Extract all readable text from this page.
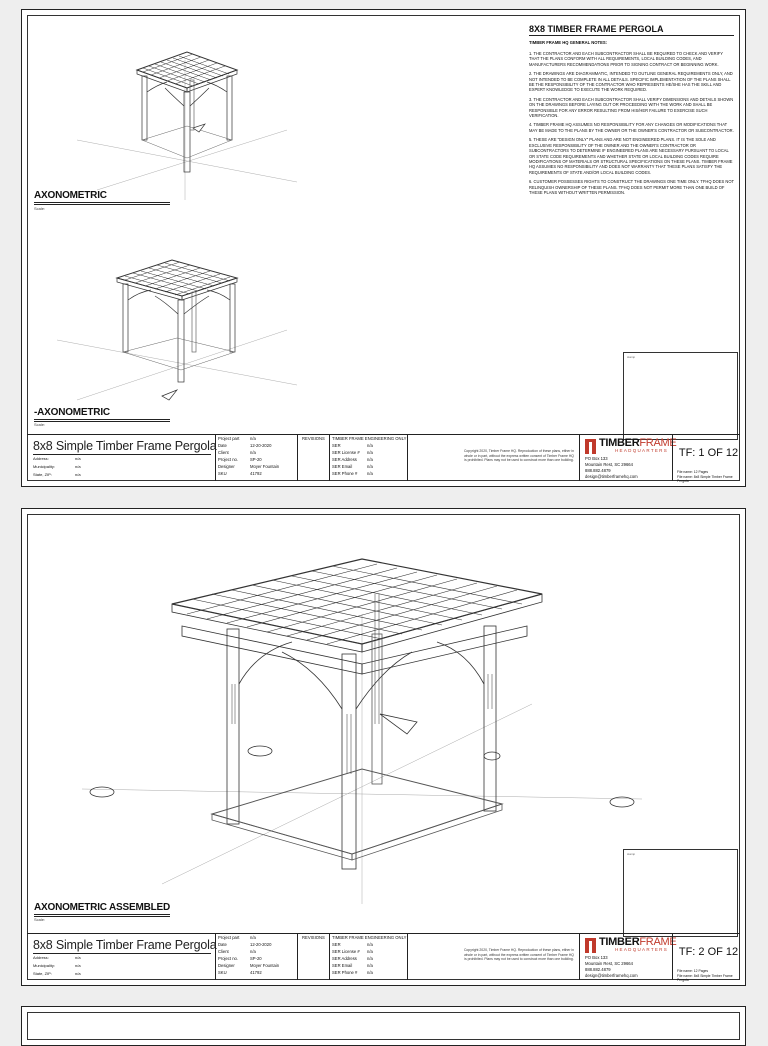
AXONOMETRIC
Scale:
-AXONOMETRIC
Scale:
8X8 TIMBER FRAME PERGOLA
TIMBER FRAME HQ GENERAL NOTES:
1. THE CONTRACTOR AND EACH SUBCONTRACTOR SHALL BE REQUIRED TO CHECK AND VERIFY THAT THE PLANS CONFORM WITH ALL REQUIREMENTS, LOCAL BUILDING CODES, AND MANUFACTURERS RECOMMENDATIONS PRIOR TO SIGNING CONTRACT OR BEGINNING WORK.
2. THE DRAWINGS ARE DIAGRAMMATIC, INTENDED TO OUTLINE GENERAL REQUIREMENTS ONLY, AND NOT INTENDED TO BE COMPLETE IN ALL DETAILS. SPECIFIC IMPLEMENTATION OF THE PLANS SHALL BE THE RESPONSIBILITY OF THE CONTRACTOR WHO REPRESENTS HE/SHE HAS THE SKILL AND EXPERT KNOWLEDGE TO EXECUTE THE WORK REQUIRED.
3. THE CONTRACTOR AND EACH SUBCONTRACTOR SHALL VERIFY DIMENSIONS AND DETAILS SHOWN ON THE DRAWINGS BEFORE LAYING OUT OR PROCEEDING WITH THE WORK AND SHALL BE RESPONSIBLE FOR ANY ERROR RESULTING FROM HIS/HER FAILURE TO EXERCISE SUCH VERIFICATION.
4. TIMBER FRAME HQ ASSUMES NO RESPONSIBILITY FOR ANY CHANGES OR MODIFICATIONS THAT MAY BE MADE TO THE PLANS BY THE OWNER OR THE OWNER'S CONTRACTOR OR SUBCONTRACTOR.
5. THESE ARE "DESIGN ONLY" PLANS AND ARE NOT ENGINEERED PLANS. IT IS THE SOLE AND EXCLUSIVE RESPONSIBILITY OF THE OWNER AND THE OWNER'S CONTRACTOR OR SUBCONTRACTORS TO DETERMINE IF ENGINEERED PLANS ARE NECESSARY PURSUANT TO LOCAL OR STATE CODE REQUIREMENTS AND WHETHER STATE OR LOCAL BUILDING CODES REQUIRE MODIFICATIONS OF MATERIALS OR STRUCTURAL SPECIFICATIONS ON THESE PLANS. TIMBER FRAME HQ ASSUMES NO RESPONSIBILITY AND DOES NOT WARRANTY THAT THESE PLANS SATISFY THE REQUIREMENTS OF STATE AND/OR LOCAL BUILDING CODES.
6. CUSTOMER POSSESSES RIGHTS TO CONSTRUCT THE DRAWINGS ONE TIME ONLY. TFHQ DOES NOT RELINQUISH OWNERSHIP OF THESE PLANS. TFHQ DOES NOT PERMIT MORE THAN ONE BUILD OF THESE PLANS WITHOUT WRITTEN PERMISSION.
stamp
8x8 Simple Timber Frame Pergola
Address:	n/a
Municipality:	n/a
State, ZIP:	n/a
Project part	n/a
Date	12-20-2020
Client	n/a
Project no.	SP-20
Designer	Moyer Fountain
SKU	41792
REVISIONS TIMBER FRAME ENGINEERING ONLY
SER	n/a
SER License # n/a
SER Address n/a
SER Email	n/a
SER Phone # n/a
Copyright 2020, Timber Frame HQ. Reproduction of these plans, either in whole or in part, without the express written consent of Timber Frame HQ is prohibited. Plans may not be used to construct more than one building.
TIMBERFRAME
HEADQUARTERS
PO Box 133
Mountain Rest, SC 29664
888.882.4879
design@timberframehq.com
TF: 1 OF 12
File name: 12 Pages
File name: 8x8 Simple Timber Frame Pergola
AXONOMETRIC ASSEMBLED
Scale:
stamp
8x8 Simple Timber Frame Pergola
Address:	n/a
Municipality:	n/a
State, ZIP:	n/a
Project part	n/a
Date	12-20-2020
Client	n/a
Project no.	SP-20
Designer	Moyer Fountain
SKU	41792
REVISIONS TIMBER FRAME ENGINEERING ONLY
SER	n/a
SER License # n/a
SER Address n/a
SER Email	n/a
SER Phone # n/a
Copyright 2020, Timber Frame HQ. Reproduction of these plans, either in whole or in part, without the express written consent of Timber Frame HQ is prohibited. Plans may not be used to construct more than one building.
TIMBERFRAME
HEADQUARTERS
PO Box 133
Mountain Rest, SC 29664
888.882.4879
design@timberframehq.com
TF: 2 OF 12
File name: 12 Pages
File name: 8x8 Simple Timber Frame Pergola
